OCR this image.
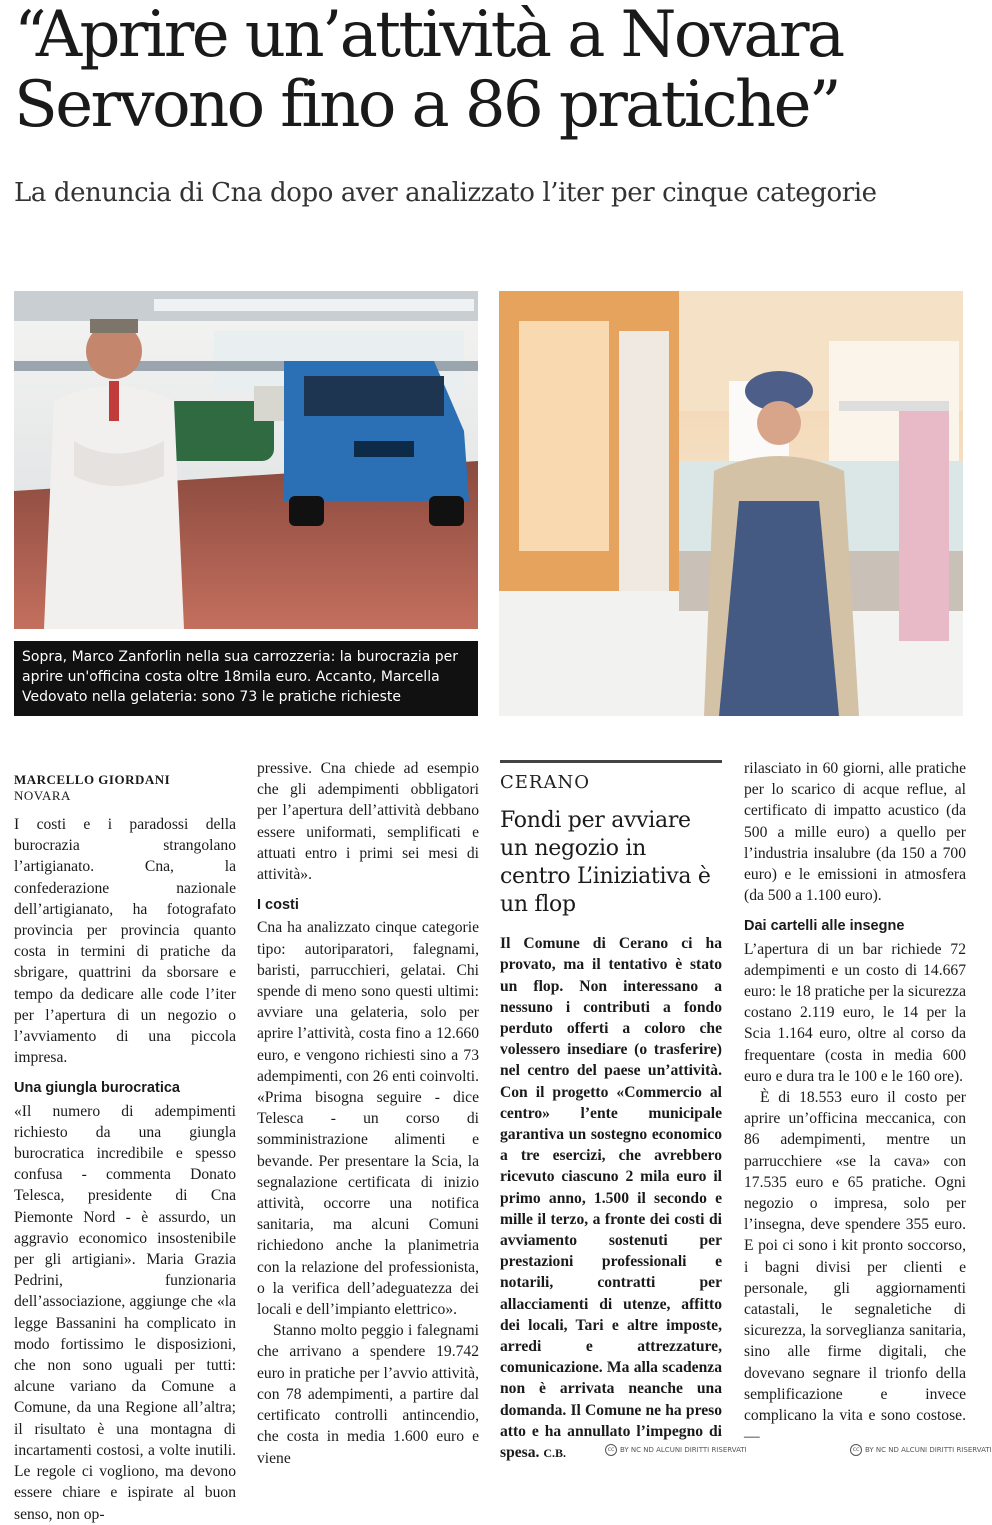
“Aprire un’attività a Novara
Servono fino a 86 pratiche”
La denuncia di Cna dopo aver analizzato l’iter per cinque categorie
Sopra, Marco Zanforlin nella sua carrozzeria: la burocrazia per aprire un'officina costa oltre 18mila euro. Accanto, Marcella Vedovato nella gelateria: sono 73 le pratiche richieste

MARCELLO GIORDANI

NOVARA

I costi e i paradossi della burocrazia strangolano l’artigianato. Cna, la confederazione nazionale dell’artigianato, ha fotografato provincia per provincia quanto costa in termini di pratiche da sbrigare, quattrini da sborsare e tempo da dedicare alle code l’iter per l’apertura di un negozio o l’avviamento di una piccola impresa.

Una giungla burocratica

«Il numero di adempimenti richiesto da una giungla burocratica incredibile e spesso confusa - commenta Donato Telesca, presidente di Cna Piemonte Nord - è assurdo, un aggravio economico insostenibile per gli artigiani». Maria Grazia Pedrini, funzionaria dell’associazione, aggiunge che «la legge Bassanini ha complicato in modo fortissimo le disposizioni, che non sono uguali per tutti: alcune variano da Comune a Comune, da una Regione all’altra; il risultato è una montagna di incartamenti costosi, a volte inutili. Le regole ci vogliono, ma devono essere chiare e ispirate al buon senso, non op-

pressive. Cna chiede ad esempio che gli adempimenti obbligatori per l’apertura dell’attività debbano essere uniformati, semplificati e attuati entro i primi sei mesi di attività».

I costi

Cna ha analizzato cinque categorie tipo: autoriparatori, falegnami, baristi, parrucchieri, gelatai. Chi spende di meno sono questi ultimi: avviare una gelateria, solo per aprire l’attività, costa fino a 12.660 euro, e vengono richiesti sino a 73 adempimenti, con 26 enti coinvolti. «Prima bisogna seguire - dice Telesca - un corso di somministrazione alimenti e bevande. Per presentare la Scia, la segnalazione certificata di inizio attività, occorre una notifica sanitaria, ma alcuni Comuni richiedono anche la planimetria con la relazione del professionista, o la verifica dell’adeguatezza dei locali e dell’impianto elettrico».

Stanno molto peggio i falegnami che arrivano a spendere 19.742 euro in pratiche per l’avvio attività, con 78 adempimenti, a partire dal certificato controlli antincendio, che costa in media 1.600 euro e viene

CERANO

Fondi per avviare un negozio in centro L’iniziativa è un flop

Il Comune di Cerano ci ha provato, ma il tentativo è stato un flop. Non interessano a nessuno i contributi a fondo perduto offerti a coloro che volessero insediare (o trasferire) nel centro del paese un’attività. Con il progetto «Commercio al centro» l’ente municipale garantiva un sostegno economico a tre esercizi, che avrebbero ricevuto ciascuno 2 mila euro il primo anno, 1.500 il secondo e mille il terzo, a fronte dei costi di avviamento sostenuti per prestazioni professionali e notarili, contratti per allacciamenti di utenze, affitto dei locali, Tari e altre imposte, arredi e attrezzature, comunicazione. Ma alla scadenza non è arrivata neanche una domanda. Il Comune ne ha preso atto e ha annullato l’impegno di spesa. C.B.

rilasciato in 60 giorni, alle pratiche per lo scarico di acque reflue, al certificato di impatto acustico (da 500 a mille euro) a quello per l’industria insalubre (da 150 a 700 euro) e le emissioni in atmosfera (da 500 a 1.100 euro).

Dai cartelli alle insegne

L’apertura di un bar richiede 72 adempimenti e un costo di 14.667 euro: le 18 pratiche per la sicurezza costano 2.119 euro, le 14 per la Scia 1.164 euro, oltre al corso da frequentare (costa in media 600 euro e dura tra le 100 e le 160 ore).

È di 18.553 euro il costo per aprire un’officina meccanica, con 86 adempimenti, mentre un parrucchiere «se la cava» con 17.535 euro e 65 pratiche. Ogni negozio o impresa, solo per l’insegna, deve spendere 355 euro. E poi ci sono i kit pronto soccorso, i bagni divisi per clienti e personale, gli aggiornamenti catastali, le segnaletiche di sicurezza, la sorveglianza sanitaria, sino alle firme digitali, che dovevano segnare il trionfo della semplificazione e invece complicano la vita e sono costose. —

cc BY NC ND ALCUNI DIRITTI RISERVATI	cc BY NC ND ALCUNI DIRITTI RISERVATI
